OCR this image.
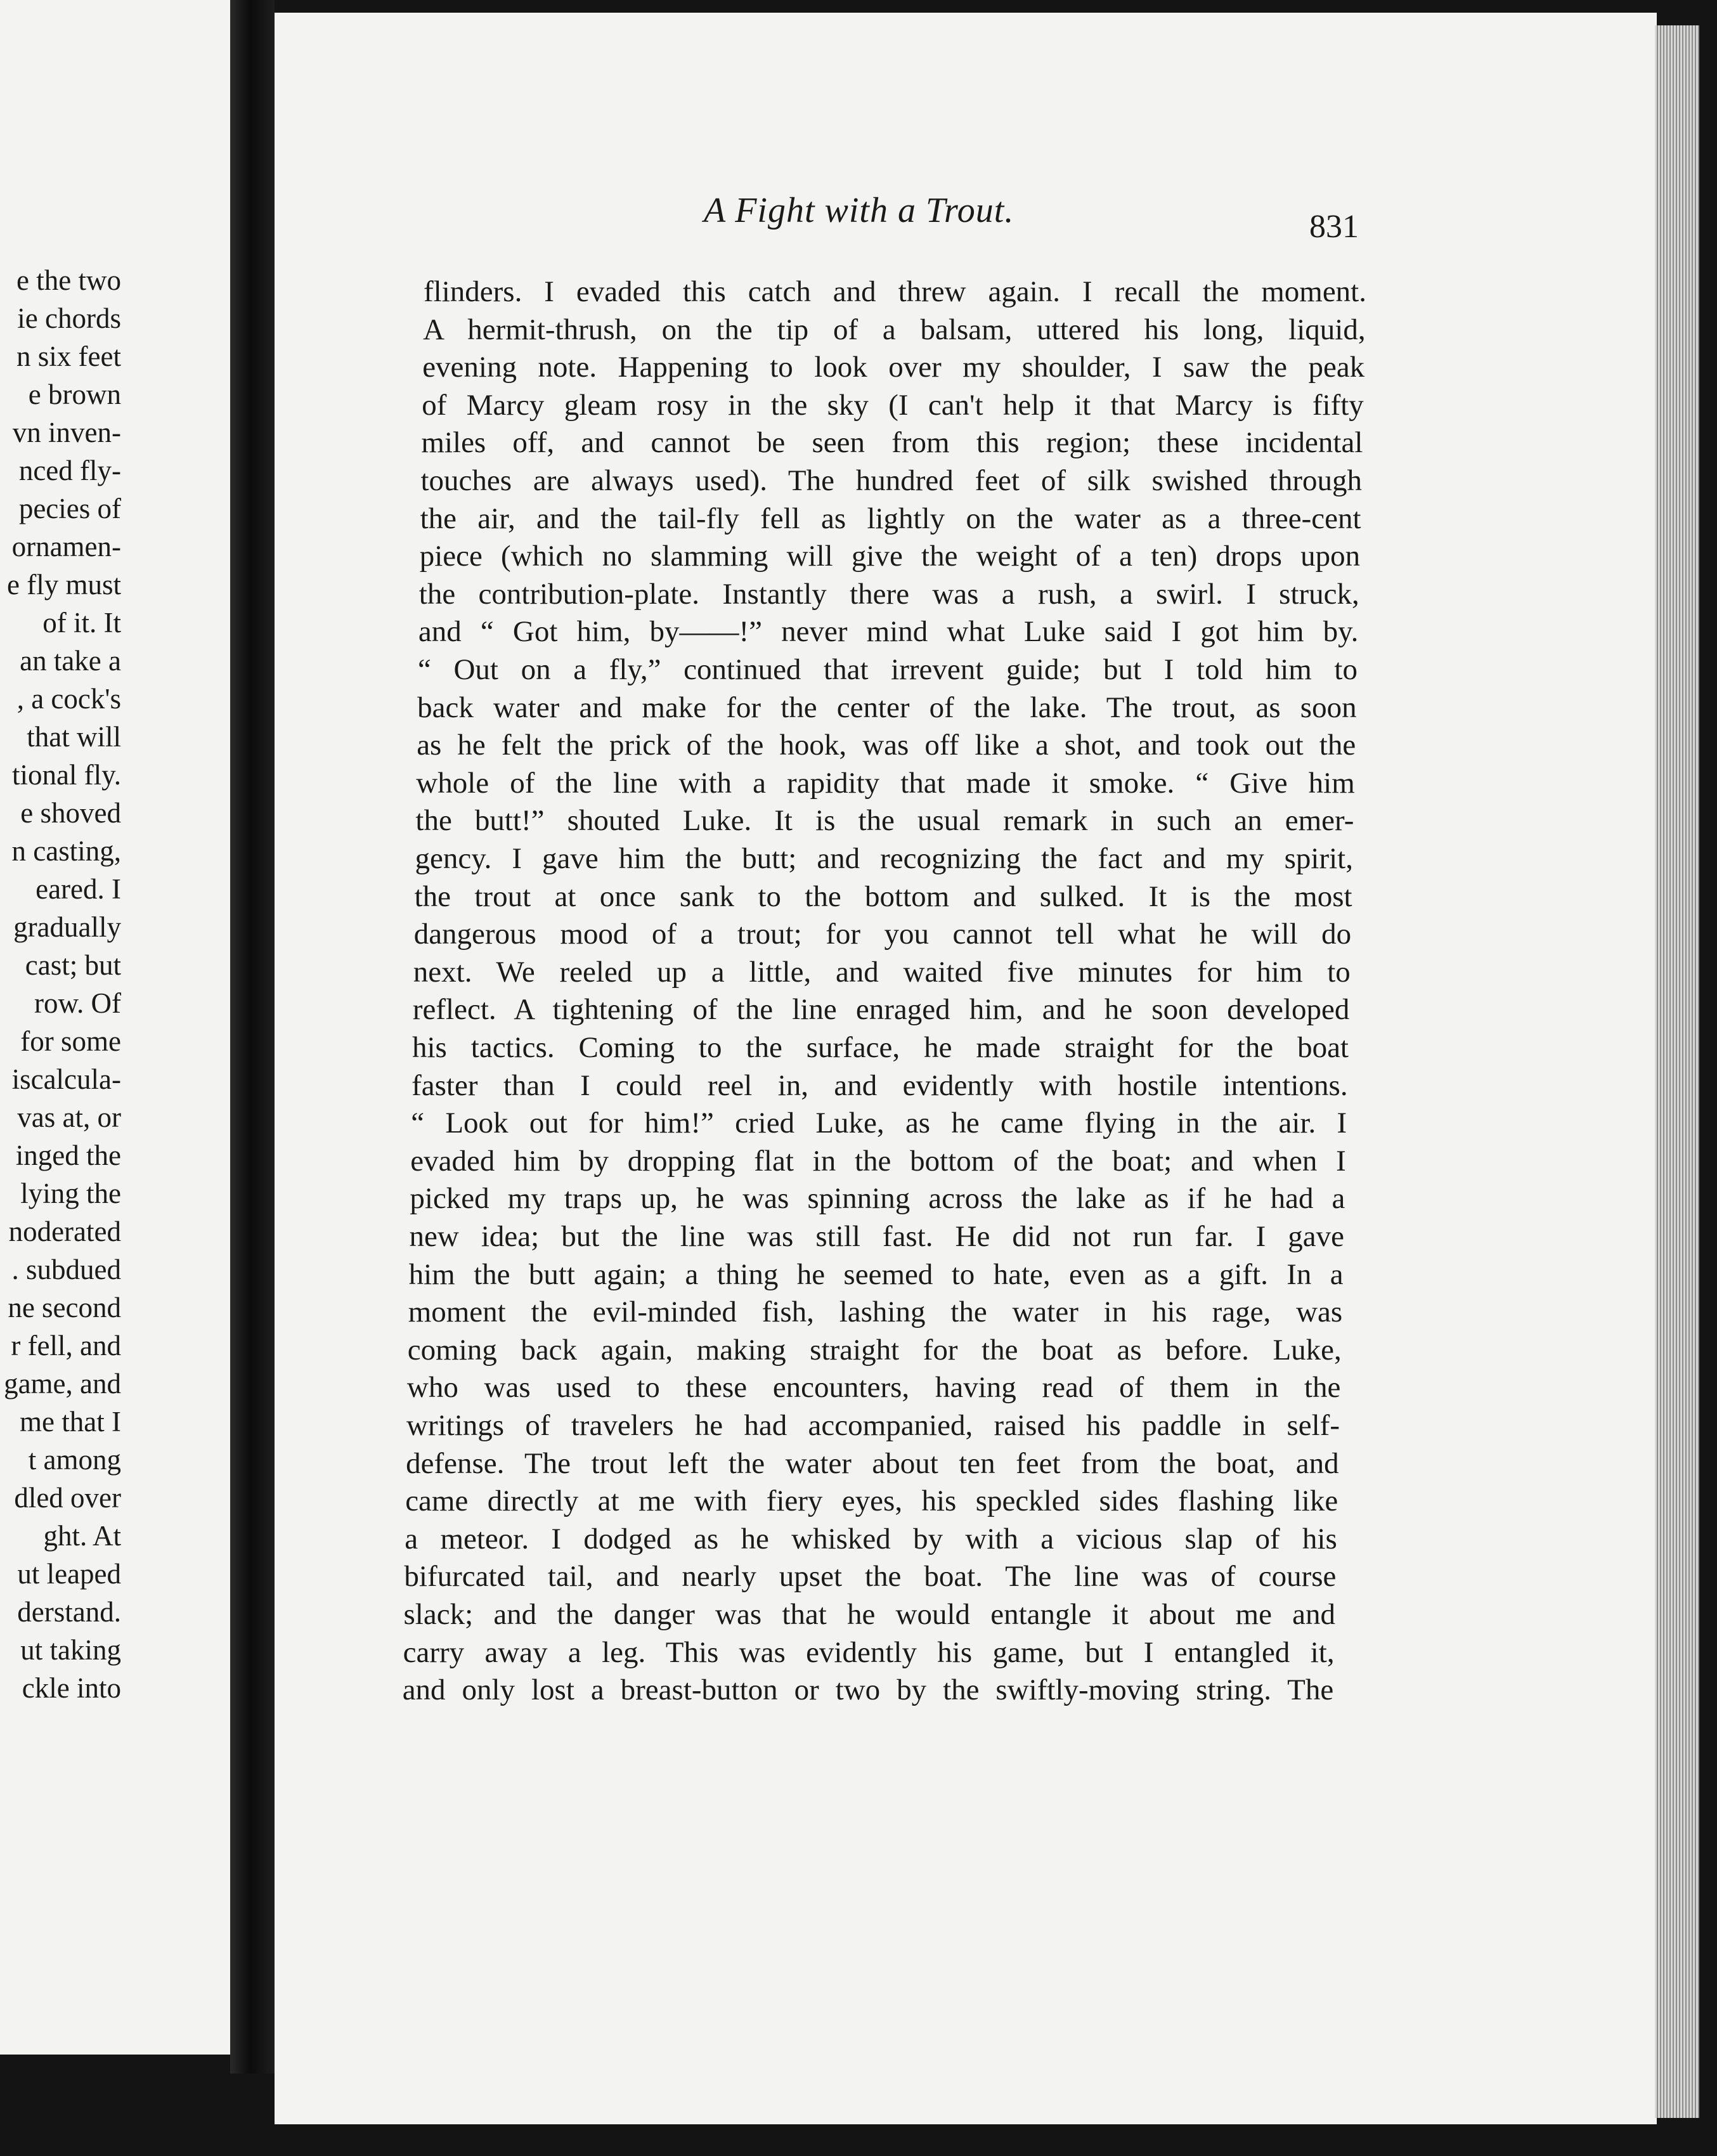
e the two
ie chords
n six feet
e brown
vn inven-
nced fly-
pecies of
ornamen-
e fly must
of it. It
an take a
, a cock's
that will
tional fly.
e shoved
n casting,
eared. I
gradually
cast; but
row. Of
for some
iscalcula-
vas at, or
inged the
lying the
noderated
. subdued
ne second
r fell, and
game, and
me that I
t among
dled over
ght. At
ut leaped
derstand.
ut taking
ckle into
A Fight with a Trout.	831
flinders. I evaded this catch and threw again. I recall the moment.
A hermit-thrush, on the tip of a balsam, uttered his long, liquid,
evening note. Happening to look over my shoulder, I saw the peak
of Marcy gleam rosy in the sky (I can't help it that Marcy is fifty
miles off, and cannot be seen from this region; these incidental
touches are always used). The hundred feet of silk swished through
the air, and the tail-fly fell as lightly on the water as a three-cent
piece (which no slamming will give the weight of a ten) drops upon
the contribution-plate. Instantly there was a rush, a swirl. I struck,
and “ Got him, by——!” never mind what Luke said I got him by.
“ Out on a fly,” continued that irrevent guide; but I told him to
back water and make for the center of the lake. The trout, as soon
as he felt the prick of the hook, was off like a shot, and took out the
whole of the line with a rapidity that made it smoke. “ Give him
the butt!” shouted Luke. It is the usual remark in such an emer-
gency. I gave him the butt; and recognizing the fact and my spirit,
the trout at once sank to the bottom and sulked. It is the most
dangerous mood of a trout; for you cannot tell what he will do
next. We reeled up a little, and waited five minutes for him to
reflect. A tightening of the line enraged him, and he soon developed
his tactics. Coming to the surface, he made straight for the boat
faster than I could reel in, and evidently with hostile intentions.
“ Look out for him!” cried Luke, as he came flying in the air. I
evaded him by dropping flat in the bottom of the boat; and when I
picked my traps up, he was spinning across the lake as if he had a
new idea; but the line was still fast. He did not run far. I gave
him the butt again; a thing he seemed to hate, even as a gift. In a
moment the evil-minded fish, lashing the water in his rage, was
coming back again, making straight for the boat as before. Luke,
who was used to these encounters, having read of them in the
writings of travelers he had accompanied, raised his paddle in self-
defense. The trout left the water about ten feet from the boat, and
came directly at me with fiery eyes, his speckled sides flashing like
a meteor. I dodged as he whisked by with a vicious slap of his
bifurcated tail, and nearly upset the boat. The line was of course
slack; and the danger was that he would entangle it about me and
carry away a leg. This was evidently his game, but I entangled it,
and only lost a breast-button or two by the swiftly-moving string. The
